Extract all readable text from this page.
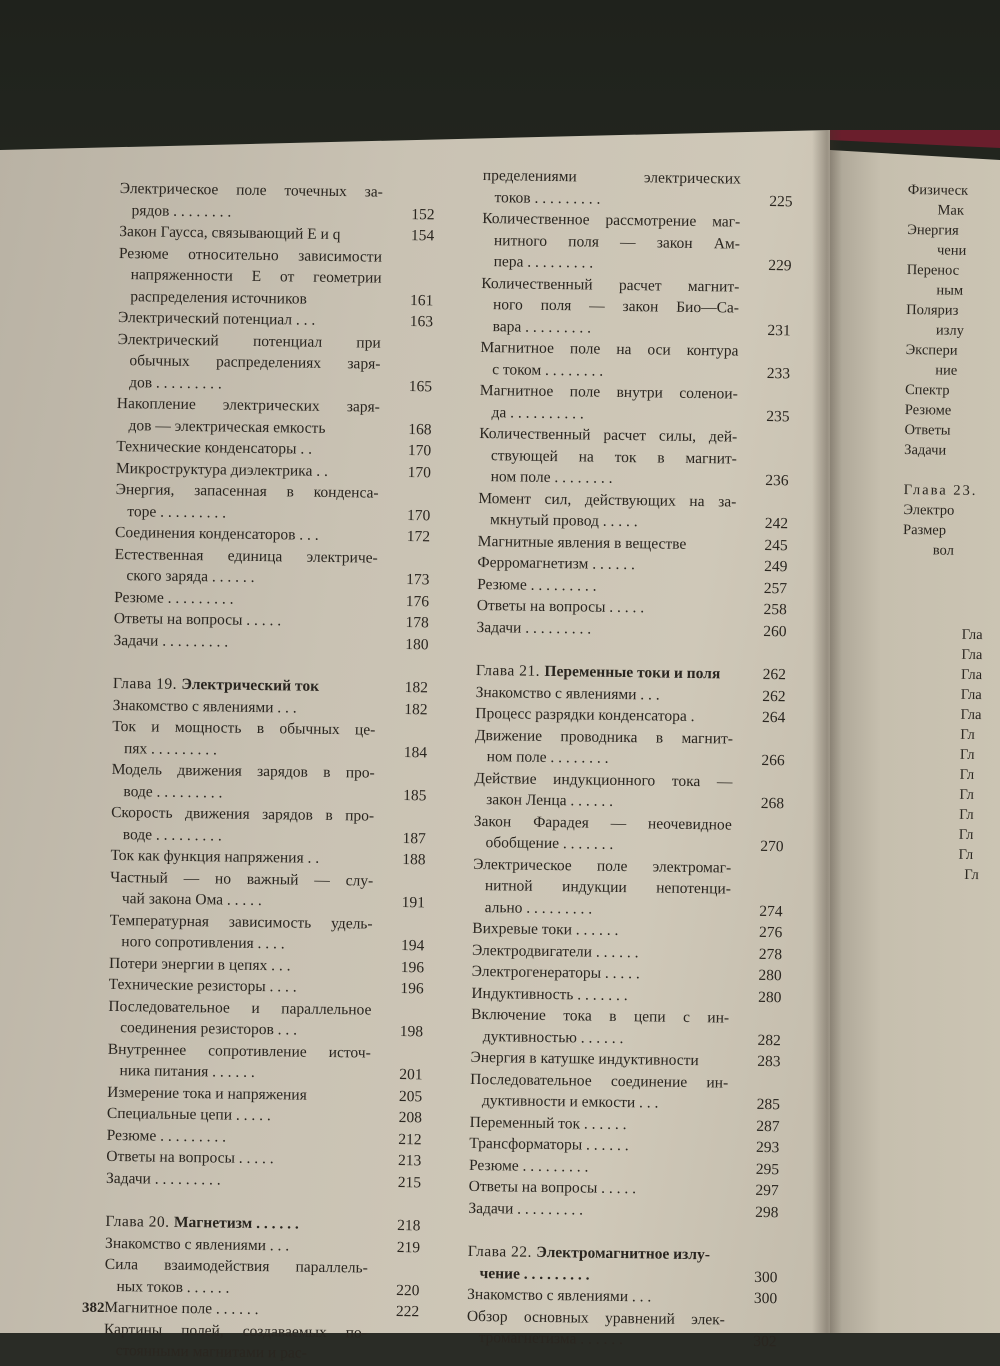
Электрическое поле точечных за-
рядов . . . . . . . .	152
Закон Гаусса, связывающий E и q	154
Резюме относительно зависимости
напряженности E от геометрии
распределения источников	161
Электрический потенциал . . .	163
Электрический потенциал при
обычных распределениях заря-
дов . . . . . . . . .	165
Накопление электрических заря-
дов — электрическая емкость	168
Технические конденсаторы . .	170
Микроструктура диэлектрика . .	170
Энергия, запасенная в конденса-
торе . . . . . . . . .	170
Соединения конденсаторов . . .	172
Естественная единица электриче-
ского заряда . . . . . .	173
Резюме . . . . . . . . .	176
Ответы на вопросы . . . . .	178
Задачи . . . . . . . . .	180
Глава 19. Электрический ток	182
Знакомство с явлениями . . .	182
Ток и мощность в обычных це-
пях . . . . . . . . .	184
Модель движения зарядов в про-
воде . . . . . . . . .	185
Скорость движения зарядов в про-
воде . . . . . . . . .	187
Ток как функция напряжения . .	188
Частный — но важный — слу-
чай закона Ома . . . . .	191
Температурная зависимость удель-
ного сопротивления . . . .	194
Потери энергии в цепях . . .	196
Технические резисторы . . . .	196
Последовательное и параллельное
соединения резисторов . . .	198
Внутреннее сопротивление источ-
ника питания . . . . . .	201
Измерение тока и напряжения	205
Специальные цепи . . . . .	208
Резюме . . . . . . . . .	212
Ответы на вопросы . . . . .	213
Задачи . . . . . . . . .	215
Глава 20. Магнетизм . . . . . .	218
Знакомство с явлениями . . .	219
Сила взаимодействия параллель-
ных токов . . . . . .	220
Магнитное поле . . . . . .	222
Картины полей, создаваемых по-
стоянными магнитами и рас-
пределениями электрических
токов . . . . . . . . .	225
Количественное рассмотрение маг-
нитного поля — закон Ам-
пера . . . . . . . . .	229
Количественный расчет магнит-
ного поля — закон Био—Са-
вара . . . . . . . . .	231
Магнитное поле на оси контура
с током . . . . . . . .	233
Магнитное поле внутри соленои-
да . . . . . . . . . .	235
Количественный расчет силы, дей-
ствующей на ток в магнит-
ном поле . . . . . . . .	236
Момент сил, действующих на за-
мкнутый провод . . . . .	242
Магнитные явления в веществе	245
Ферромагнетизм . . . . . .	249
Резюме . . . . . . . . .	257
Ответы на вопросы . . . . .	258
Задачи . . . . . . . . .	260
Глава 21. Переменные токи и поля	262
Знакомство с явлениями . . .	262
Процесс разрядки конденсатора .	264
Движение проводника в магнит-
ном поле . . . . . . . .	266
Действие индукционного тока —
закон Ленца . . . . . .	268
Закон Фарадея — неочевидное
обобщение . . . . . . .	270
Электрическое поле электромаг-
нитной индукции непотенци-
ально . . . . . . . . .	274
Вихревые токи . . . . . .	276
Электродвигатели . . . . . .	278
Электрогенераторы . . . . .	280
Индуктивность . . . . . . .	280
Включение тока в цепи с ин-
дуктивностью . . . . . .	282
Энергия в катушке индуктивности	283
Последовательное соединение ин-
дуктивности и емкости . . .	285
Переменный ток . . . . . .	287
Трансформаторы . . . . . .	293
Резюме . . . . . . . . .	295
Ответы на вопросы . . . . .	297
Задачи . . . . . . . . .	298
Глава 22. Электромагнитное излу-
чение . . . . . . . . .	300
Знакомство с явлениями . . .	300
Обзор основных уравнений элек-
тромагнетизма . . . . . .	302
Физическ
Мак
Энергия
чени
Перенос
ным
Поляриз
излу
Экспери
ние
Спектр
Резюме
Ответы
Задачи
Глава 23.
Электро
Размер
вол
Гла
Гла
Гла
Гла
Гла
Гл
Гл
Гл
Гл
Гл
Гл
Гл
Гл
382
